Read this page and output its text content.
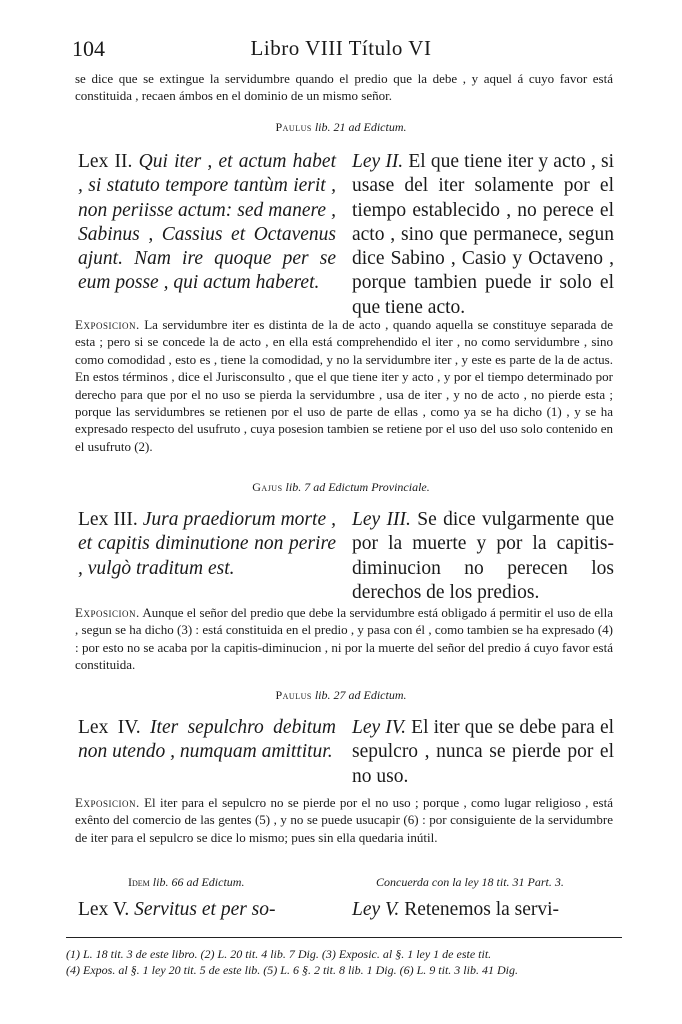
104	Libro VIII Título VI
se dice que se extingue la servidumbre quando el predio que la debe , y aquel á cuyo favor está constituida , recaen ámbos en el dominio de un mismo señor.
Paulus lib. 21 ad Edictum.
Lex II. Qui iter , et actum habet , si statuto tempore tantùm ierit , non periisse actum: sed manere , Sabinus , Cassius et Octavenus ajunt. Nam ire quoque per se eum posse , qui actum haberet.
Ley II. El que tiene iter y acto , si usase del iter solamente por el tiempo establecido , no perece el acto , sino que permanece, segun dice Sabino , Casio y Octaveno , porque tambien puede ir solo el que tiene acto.
Exposicion. La servidumbre iter es distinta de la de acto , quando aquella se constituye separada de esta ; pero si se concede la de acto , en ella está comprehendido el iter , no como servidumbre , sino como comodidad , esto es , tiene la comodidad, y no la servidumbre iter , y este es parte de la de actus. En estos términos , dice el Jurisconsulto , que el que tiene iter y acto , y por el tiempo determinado por derecho para que por el no uso se pierda la servidumbre , usa de iter , y no de acto , no pierde esta ; porque las servidumbres se retienen por el uso de parte de ellas , como ya se ha dicho (1) , y se ha expresado respecto del usufruto , cuya posesion tambien se retiene por el uso del uso solo contenido en el usufruto (2).
Gajus lib. 7 ad Edictum Provinciale.
Lex III. Jura praediorum morte , et capitis diminutione non perire , vulgò traditum est.
Ley III. Se dice vulgarmente que por la muerte y por la capitis-diminucion no perecen los derechos de los predios.
Exposicion. Aunque el señor del predio que debe la servidumbre está obligado á permitir el uso de ella , segun se ha dicho (3) : está constituida en el predio , y pasa con él , como tambien se ha expresado (4) : por esto no se acaba por la capitis-diminucion , ni por la muerte del señor del predio á cuyo favor está constituida.
Paulus lib. 27 ad Edictum.
Lex IV. Iter sepulchro debitum non utendo , numquam amittitur.
Ley IV. El iter que se debe para el sepulcro , nunca se pierde por el no uso.
Exposicion. El iter para el sepulcro no se pierde por el no uso ; porque , como lugar religioso , está exênto del comercio de las gentes (5) , y no se puede usucapir (6) : por consiguiente de la servidumbre de iter para el sepulcro se dice lo mismo; pues sin ella quedaria inútil.
Idem lib. 66 ad Edictum.	Concuerda con la ley 18 tit. 31 Part. 3.
Lex V. Servitus et per so-	Ley V. Retenemos la servi-
(1) L. 18 tit. 3 de este libro. (2) L. 20 tit. 4 lib. 7 Dig. (3) Exposic. al §. 1 ley 1 de este tit.
(4) Expos. al §. 1 ley 20 tit. 5 de este lib. (5) L. 6 §. 2 tit. 8 lib. 1 Dig. (6) L. 9 tit. 3 lib. 41 Dig.
